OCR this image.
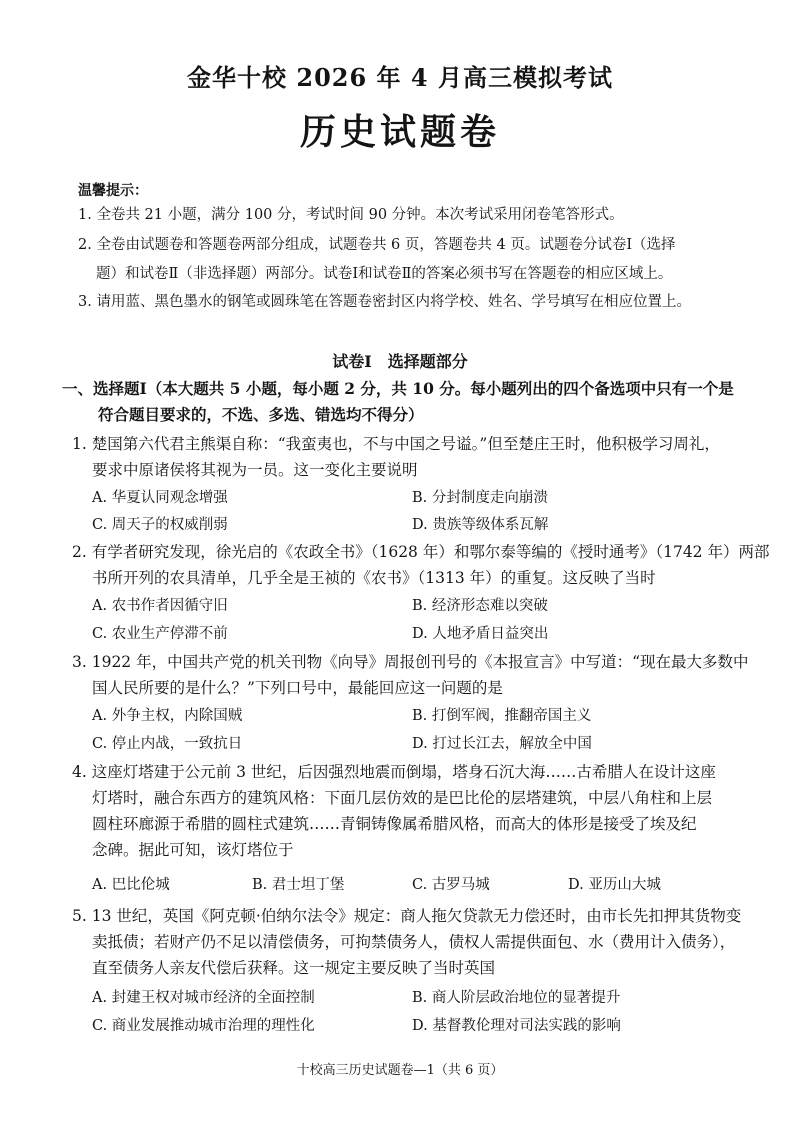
金华十校 2026 年 4 月高三模拟考试
历史试题卷
温馨提示：
1. 全卷共 21 小题，满分 100 分，考试时间 90 分钟。本次考试采用闭卷笔答形式。
2. 全卷由试题卷和答题卷两部分组成，试题卷共 6 页，答题卷共 4 页。试题卷分试卷Ⅰ（选择
题）和试卷Ⅱ（非选择题）两部分。试卷Ⅰ和试卷Ⅱ的答案必须书写在答题卷的相应区域上。
3. 请用蓝、黑色墨水的钢笔或圆珠笔在答题卷密封区内将学校、姓名、学号填写在相应位置上。
试卷Ⅰ　选择题部分
一、选择题Ⅰ（本大题共 5 小题，每小题 2 分，共 10 分。每小题列出的四个备选项中只有一个是
符合题目要求的，不选、多选、错选均不得分）
1. 楚国第六代君主熊渠自称：“我蛮夷也，不与中国之号谥。”但至楚庄王时，他积极学习周礼，
要求中原诸侯将其视为一员。这一变化主要说明
A. 华夏认同观念增强	B. 分封制度走向崩溃
C. 周天子的权威削弱	D. 贵族等级体系瓦解
2. 有学者研究发现，徐光启的《农政全书》（1628 年）和鄂尔泰等编的《授时通考》（1742 年）两部
书所开列的农具清单，几乎全是王祯的《农书》（1313 年）的重复。这反映了当时
A. 农书作者因循守旧	B. 经济形态难以突破
C. 农业生产停滞不前	D. 人地矛盾日益突出
3. 1922 年，中国共产党的机关刊物《向导》周报创刊号的《本报宣言》中写道：“现在最大多数中
国人民所要的是什么？”下列口号中，最能回应这一问题的是
A. 外争主权，内除国贼	B. 打倒军阀，推翻帝国主义
C. 停止内战，一致抗日	D. 打过长江去，解放全中国
4. 这座灯塔建于公元前 3 世纪，后因强烈地震而倒塌，塔身石沉大海……古希腊人在设计这座
灯塔时，融合东西方的建筑风格：下面几层仿效的是巴比伦的层塔建筑，中层八角柱和上层
圆柱环廊源于希腊的圆柱式建筑……青铜铸像属希腊风格，而高大的体形是接受了埃及纪
念碑。据此可知，该灯塔位于
A. 巴比伦城	B. 君士坦丁堡	C. 古罗马城	D. 亚历山大城
5. 13 世纪，英国《阿克顿·伯纳尔法令》规定：商人拖欠贷款无力偿还时，由市长先扣押其货物变
卖抵债；若财产仍不足以清偿债务，可拘禁债务人，债权人需提供面包、水（费用计入债务），
直至债务人亲友代偿后获释。这一规定主要反映了当时英国
A. 封建王权对城市经济的全面控制	B. 商人阶层政治地位的显著提升
C. 商业发展推动城市治理的理性化	D. 基督教伦理对司法实践的影响
十校高三历史试题卷—1（共 6 页）
